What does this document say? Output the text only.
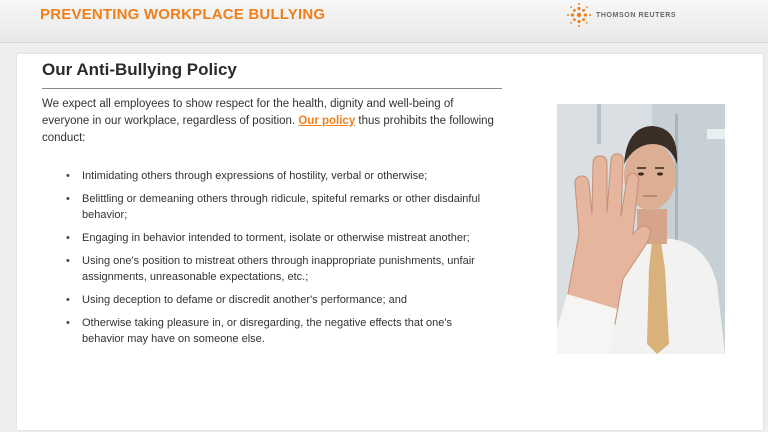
PREVENTING WORKPLACE BULLYING	THOMSON REUTERS
Our Anti-Bullying Policy
We expect all employees to show respect for the health, dignity and well-being of everyone in our workplace, regardless of position. Our policy thus prohibits the following conduct:
• Intimidating others through expressions of hostility, verbal or otherwise;
• Belittling or demeaning others through ridicule, spiteful remarks or other disdainful behavior;
• Engaging in behavior intended to torment, isolate or otherwise mistreat another;
• Using one's position to mistreat others through inappropriate punishments, unfair assignments, unreasonable expectations, etc.;
• Using deception to defame or discredit another's performance; and
• Otherwise taking pleasure in, or disregarding, the negative effects that one's behavior may have on someone else.
